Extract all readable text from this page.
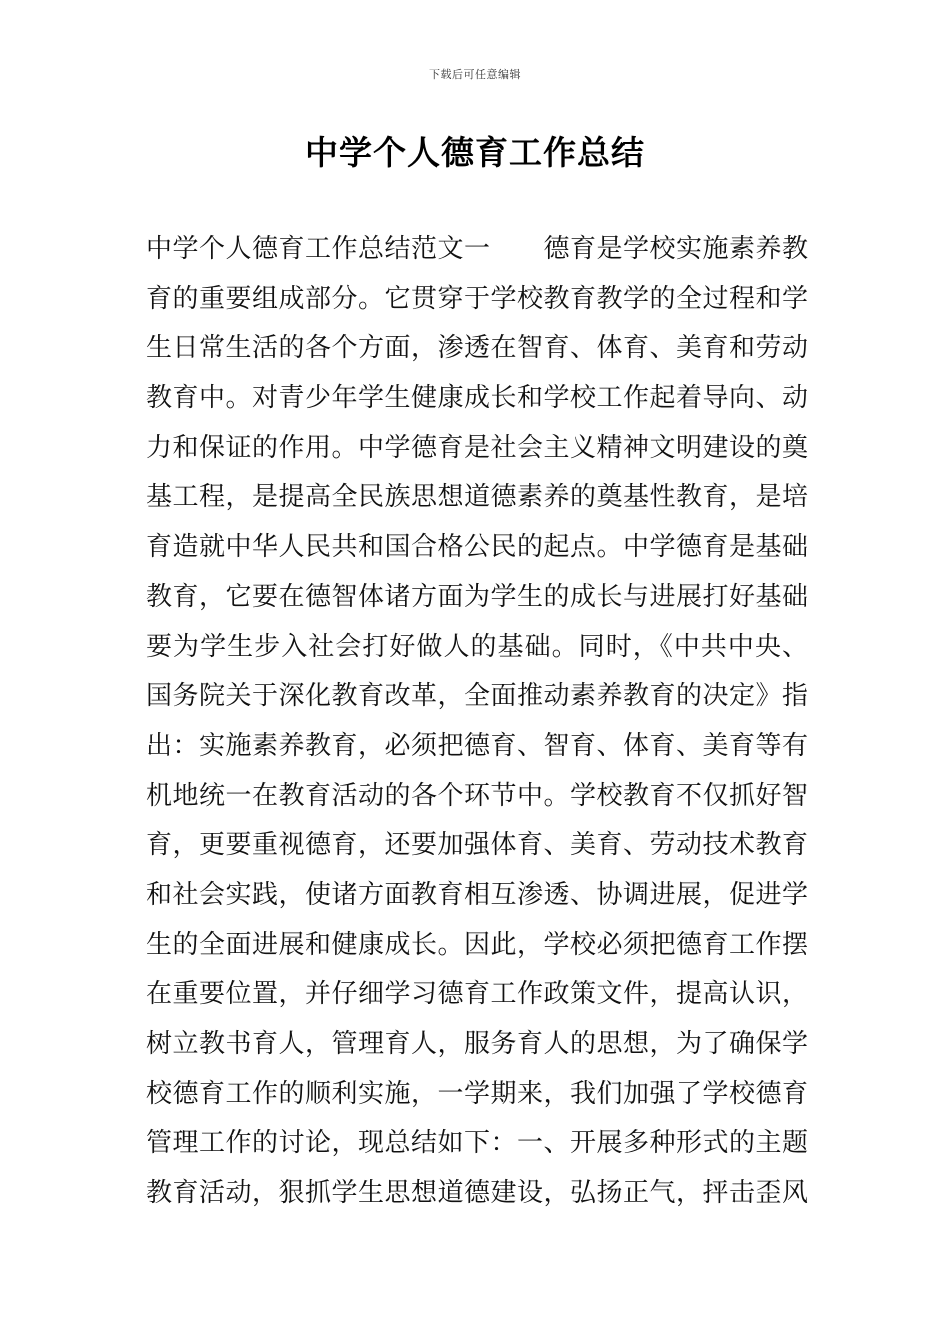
下载后可任意编辑
中学个人德育工作总结
中学个人德育工作总结范文一　　德育是学校实施素养教
育的重要组成部分。它贯穿于学校教育教学的全过程和学
生日常生活的各个方面，渗透在智育、体育、美育和劳动
教育中。对青少年学生健康成长和学校工作起着导向、动
力和保证的作用。中学德育是社会主义精神文明建设的奠
基工程，是提高全民族思想道德素养的奠基性教育，是培
育造就中华人民共和国合格公民的起点。中学德育是基础
教育，它要在德智体诸方面为学生的成长与进展打好基础
要为学生步入社会打好做人的基础。同时，《中共中央、
国务院关于深化教育改革，全面推动素养教育的决定》指
出：实施素养教育，必须把德育、智育、体育、美育等有
机地统一在教育活动的各个环节中。学校教育不仅抓好智
育，更要重视德育，还要加强体育、美育、劳动技术教育
和社会实践，使诸方面教育相互渗透、协调进展，促进学
生的全面进展和健康成长。因此，学校必须把德育工作摆
在重要位置，并仔细学习德育工作政策文件，提高认识，
树立教书育人，管理育人，服务育人的思想，为了确保学
校德育工作的顺利实施，一学期来，我们加强了学校德育
管理工作的讨论，现总结如下：一、开展多种形式的主题
教育活动，狠抓学生思想道德建设，弘扬正气，抨击歪风
